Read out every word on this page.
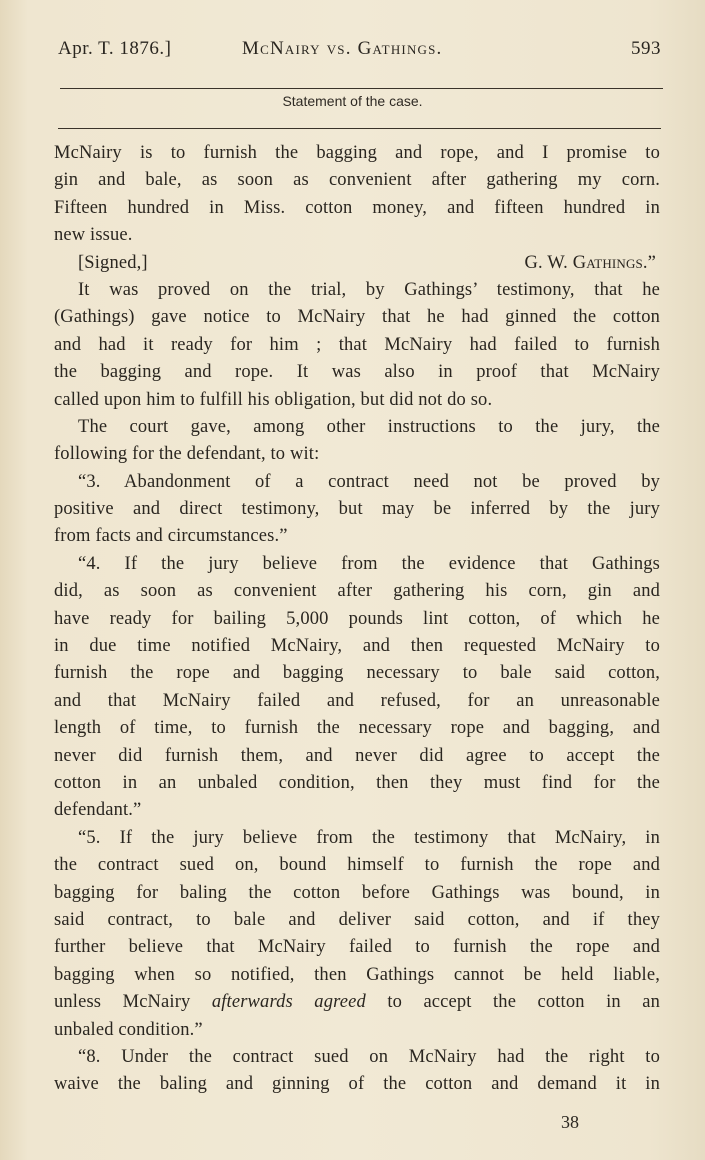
Apr. T. 1876.]	McNairy vs. Gathings.	593
Statement of the case.
McNairy is to furnish the bagging and rope, and I promise to
gin and bale, as soon as convenient after gathering my corn.
Fifteen hundred in Miss. cotton money, and fifteen hundred in
new issue.
[Signed,]	G. W. Gathings.”
It was proved on the trial, by Gathings’ testimony, that he
(Gathings) gave notice to McNairy that he had ginned the cotton
and had it ready for him ; that McNairy had failed to furnish
the bagging and rope. It was also in proof that McNairy
called upon him to fulfill his obligation, but did not do so.
The court gave, among other instructions to the jury, the
following for the defendant, to wit:
“3. Abandonment of a contract need not be proved by
positive and direct testimony, but may be inferred by the jury
from facts and circumstances.”
“4. If the jury believe from the evidence that Gathings
did, as soon as convenient after gathering his corn, gin and
have ready for bailing 5,000 pounds lint cotton, of which he
in due time notified McNairy, and then requested McNairy to
furnish the rope and bagging necessary to bale said cotton,
and that McNairy failed and refused, for an unreasonable
length of time, to furnish the necessary rope and bagging, and
never did furnish them, and never did agree to accept the
cotton in an unbaled condition, then they must find for the
defendant.”
“5. If the jury believe from the testimony that McNairy, in
the contract sued on, bound himself to furnish the rope and
bagging for baling the cotton before Gathings was bound, in
said contract, to bale and deliver said cotton, and if they
further believe that McNairy failed to furnish the rope and
bagging when so notified, then Gathings cannot be held liable,
unless McNairy afterwards agreed to accept the cotton in an
unbaled condition.”
“8. Under the contract sued on McNairy had the right to
waive the baling and ginning of the cotton and demand it in
38
